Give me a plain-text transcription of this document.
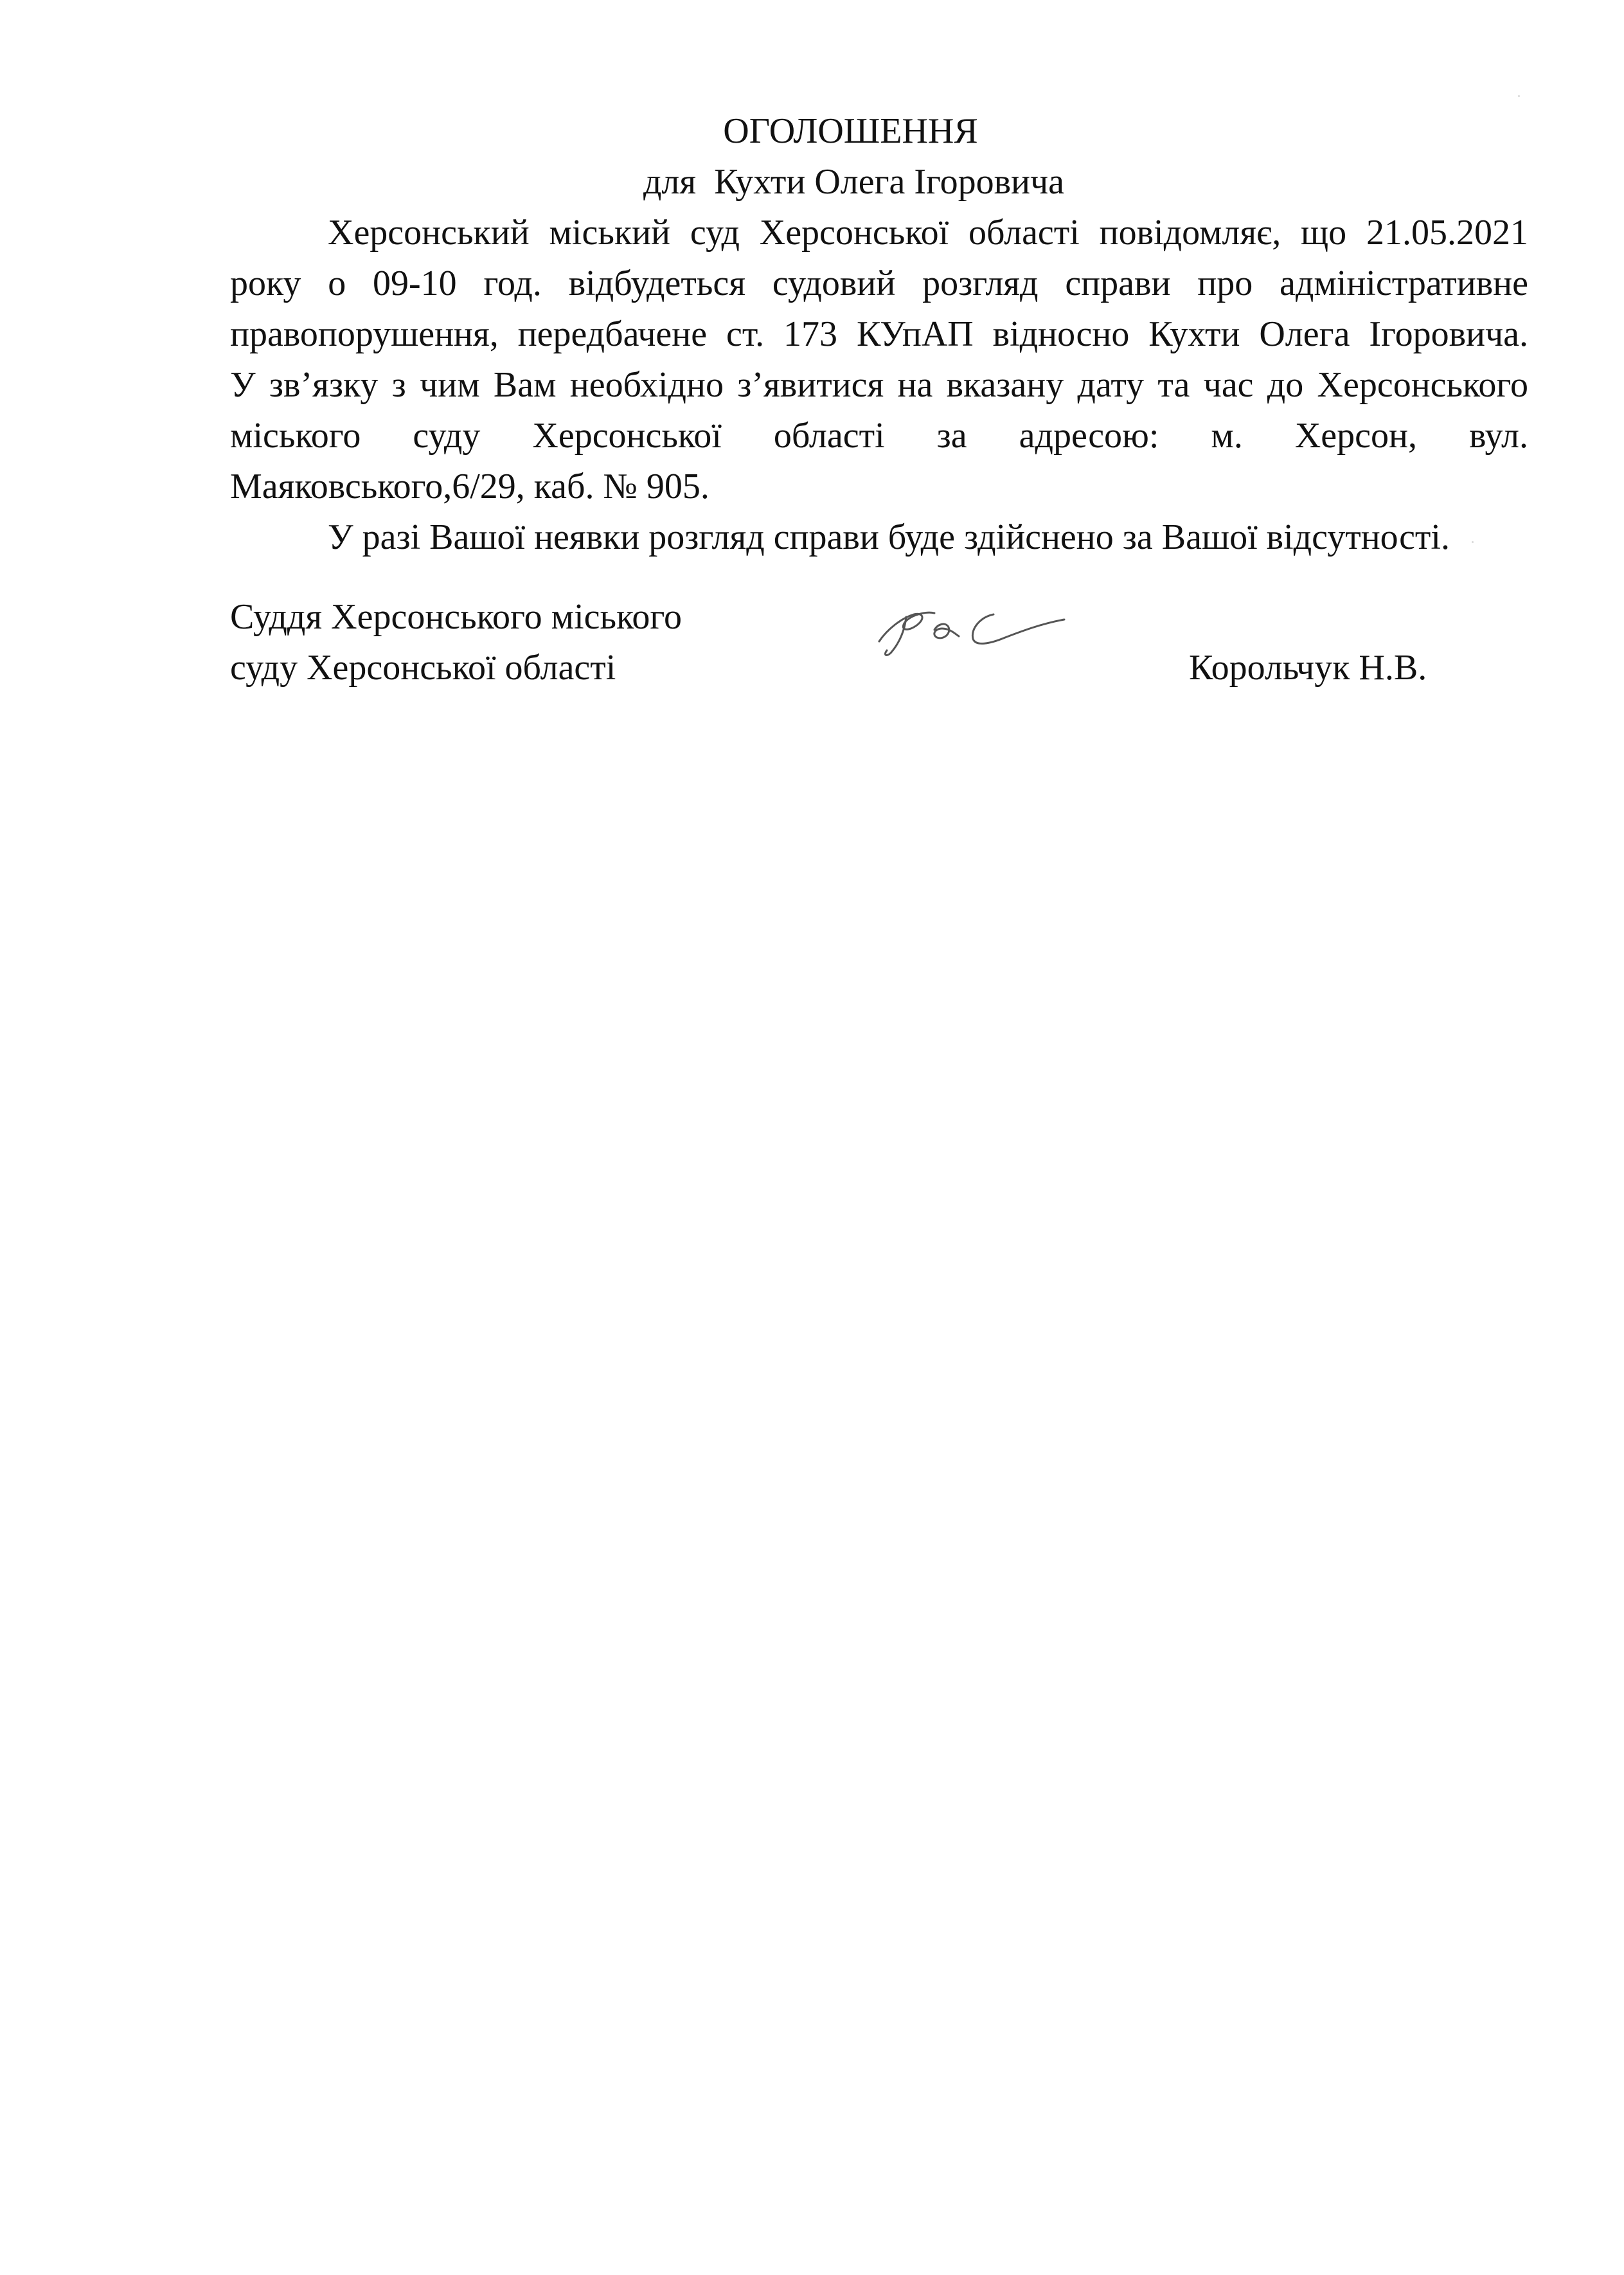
ОГОЛОШЕННЯ
для  Кухти Олега Ігоровича
Херсонський міський суд Херсонської області повідомляє, що 21.05.2021
року о 09-10 год. відбудеться судовий розгляд справи про адміністративне
правопорушення, передбачене ст. 173 КУпАП відносно Кухти Олега Ігоровича.
У зв’язку з чим Вам необхідно з’явитися на вказану дату та час до Херсонського
міського суду Херсонської області за адресою: м. Херсон, вул.
Маяковського,6/29, каб. № 905.
У разі Вашої неявки розгляд справи буде здійснено за Вашої відсутності.
Суддя Херсонського міського
суду Херсонської області	Корольчук Н.В.
